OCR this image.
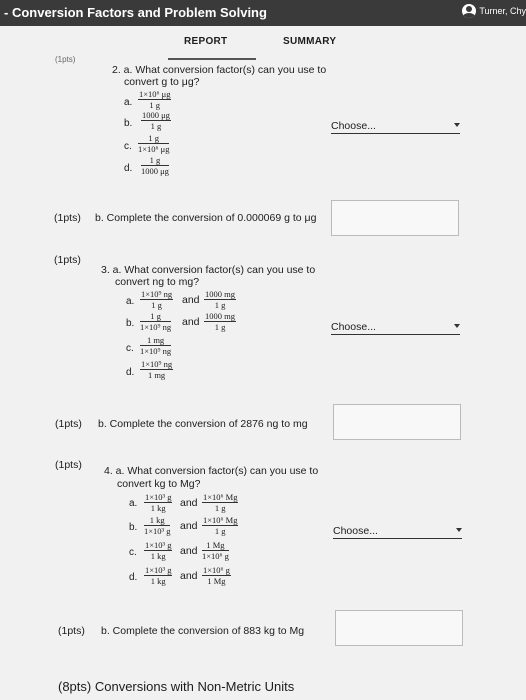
- Conversion Factors and Problem Solving	Turner, Chy
REPORT	SUMMARY
(1pts)
2. a. What conversion factor(s) can you use to
convert g to μg?
a. $\frac{\text{1×10⁶ μg}}{1 g}$
b. $\frac{1000 \mu g}{1 g}$
c. $\frac{1 g}{\text{1×10⁶ μg}}$
d. $\frac{1 g}{1000 \mu g}$
Choose...
(1pts) b. Complete the conversion of 0.000069 g to μg
(1pts)
3. a. What conversion factor(s) can you use to
convert ng to mg?
a. $\frac{\text{1×10⁹ ng}}{1 g}$ and $\frac{1000 mg}{1 g}$
b. $\frac{1 g}{\text{1×10⁹ ng}}$ and $\frac{1000 mg}{1 g}$
c. $\frac{1 mg}{\text{1×10⁹ ng}}$
d. $\frac{\text{1×10⁹ ng}}{1 mg}$
Choose...
(1pts) b. Complete the conversion of 2876 ng to mg
(1pts) 4. a. What conversion factor(s) can you use to
convert kg to Mg?
a. $\frac{\text{1×10³ g}}{1 kg}$ and $\frac{\text{1×10⁶ Mg}}{1 g}$
b. $\frac{1 kg}{\text{1×10³ g}}$ and $\frac{\text{1×10⁶ Mg}}{1 g}$
c. $\frac{\text{1×10³ g}}{1 kg}$ and $\frac{1 Mg}{\text{1×10⁶ g}}$
d. $\frac{\text{1×10³ g}}{1 kg}$ and $\frac{\text{1×10⁶ g}}{1 Mg}$
Choose...
(1pts) b. Complete the conversion of 883 kg to Mg
(8pts) Conversions with Non-Metric Units
